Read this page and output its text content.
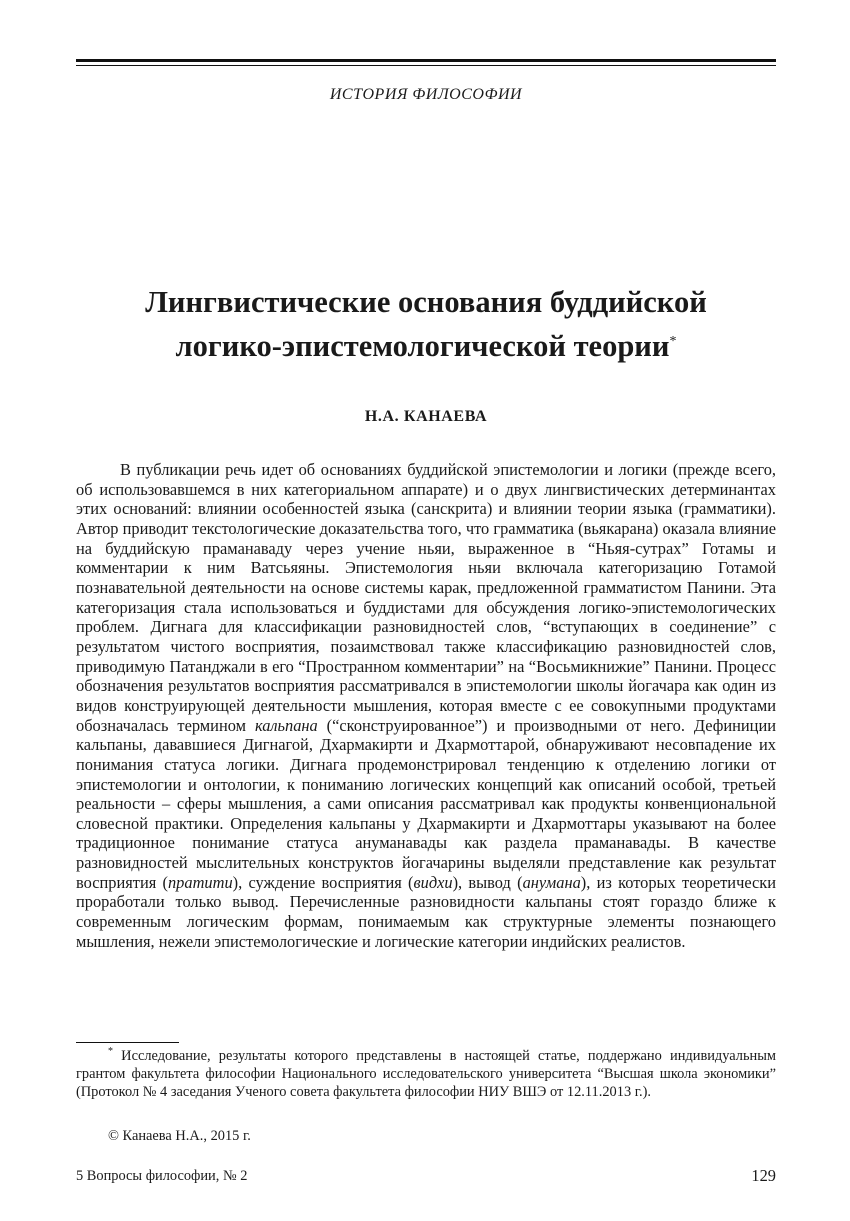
ИСТОРИЯ ФИЛОСОФИИ
Лингвистические основания буддийской
логико-эпистемологической теории*
Н.А. КАНАЕВА

В публикации речь идет об основаниях буддийской эпистемологии и логики (прежде всего, об использовавшемся в них категориальном аппарате) и о двух лингвистических детерминантах этих оснований: влиянии особенностей языка (санскрита) и влиянии теории языка (грамматики). Автор приводит текстологические доказательства того, что грамматика (вьякарана) оказала влияние на буддийскую праманаваду через учение ньяи, выраженное в “Ньяя-сутрах” Готамы и комментарии к ним Ватсьяяны. Эпистемология ньяи включала категоризацию Готамой познавательной деятельности на основе системы карак, предложенной грамматистом Панини. Эта категоризация стала использоваться и буддистами для обсуждения логико-эпистемологических проблем. Дигнага для классификации разновидностей слов, “вступающих в соединение” с результатом чистого восприятия, позаимствовал также классификацию разновидностей слов, приводимую Патанджали в его “Пространном комментарии” на “Восьмикнижие” Панини. Процесс обозначения результатов восприятия рассматривался в эпистемологии школы йогачара как один из видов конструирующей деятельности мышления, которая вместе с ее совокупными продуктами обозначалась термином кальпана (“сконструированное”) и производными от него. Дефиниции кальпаны, дававшиеся Дигнагой, Дхармакирти и Дхармоттарой, обнаруживают несовпадение их понимания статуса логики. Дигнага продемонстрировал тенденцию к отделению логики от эпистемологии и онтологии, к пониманию логических концепций как описаний особой, третьей реальности – сферы мышления, а сами описания рассматривал как продукты конвенциональной словесной практики. Определения кальпаны у Дхармакирти и Дхармоттары указывают на более традиционное понимание статуса ануманавады как раздела праманавады. В качестве разновидностей мыслительных конструктов йогачарины выделяли представление как результат восприятия (пратити), суждение восприятия (видхи), вывод (анумана), из которых теоретически проработали только вывод. Перечисленные разновидности кальпаны стоят гораздо ближе к современным логическим формам, понимаемым как структурные элементы познающего мышления, нежели эпистемологические и логические категории индийских реалистов.

* Исследование, результаты которого представлены в настоящей статье, поддержано индивидуальным грантом факультета философии Национального исследовательского университета “Высшая школа экономики” (Протокол № 4 заседания Ученого совета факультета философии НИУ ВШЭ от 12.11.2013 г.).

© Канаева Н.А., 2015 г.
5 Вопросы философии, № 2	129
